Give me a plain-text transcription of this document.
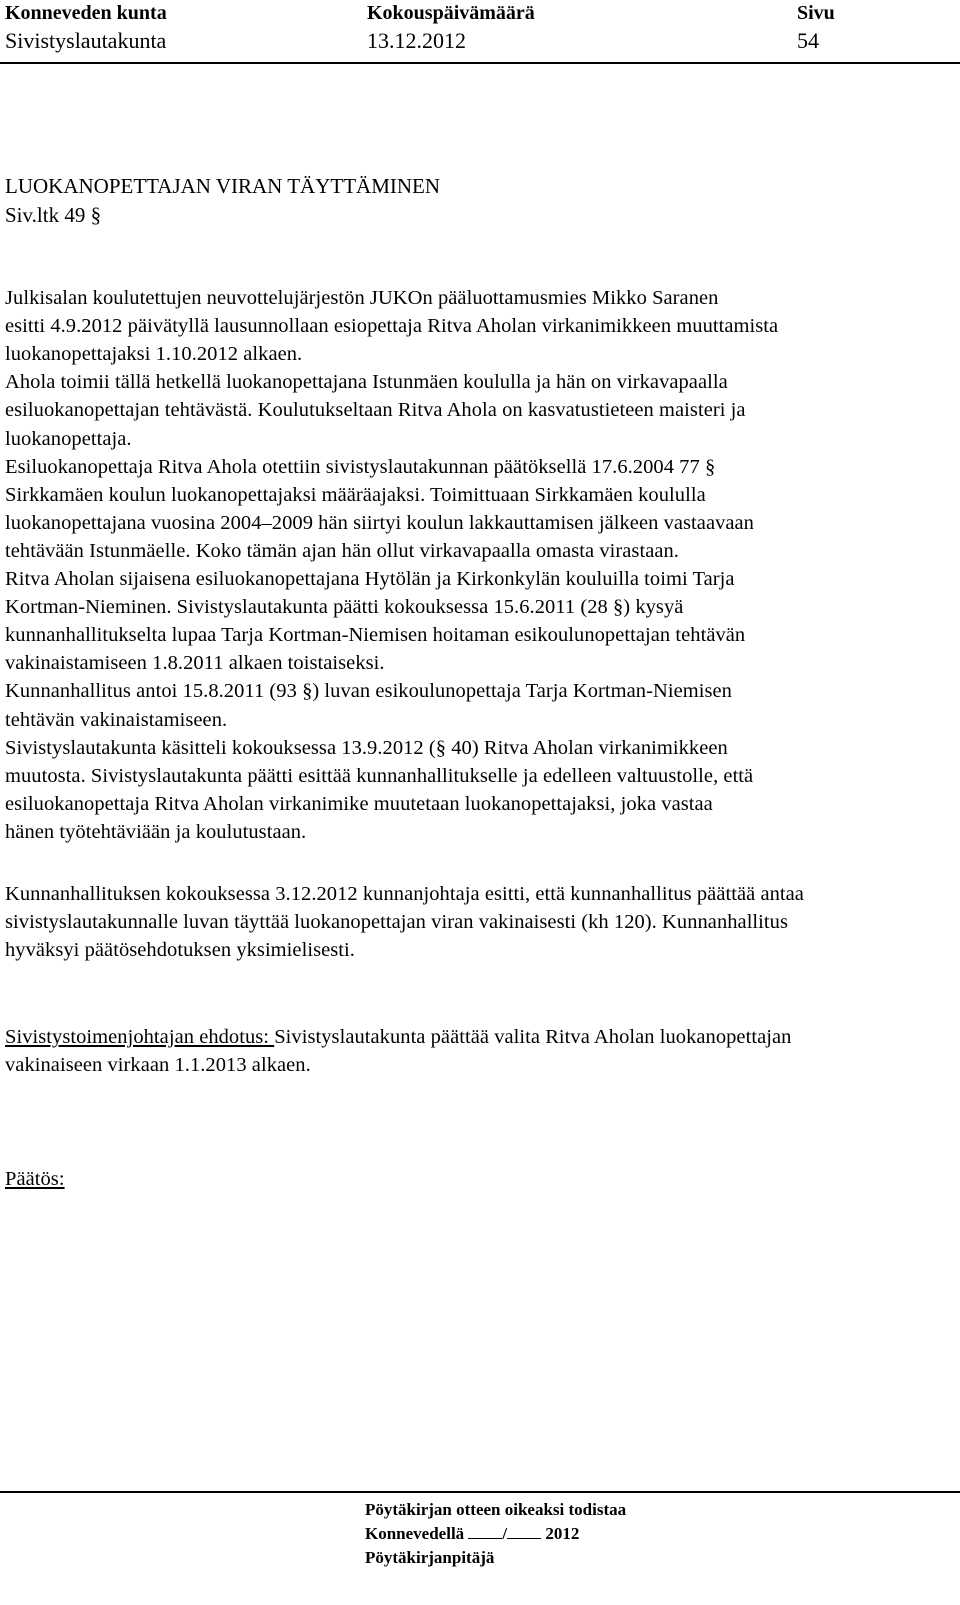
Konneveden kunta
Sivistyslautakunta
Kokouspäivämäärä
13.12.2012
Sivu
54
LUOKANOPETTAJAN VIRAN TÄYTTÄMINEN
Siv.ltk 49 §
Julkisalan koulutettujen neuvottelujärjestön JUKOn pääluottamusmies Mikko Saranen
esitti 4.9.2012 päivätyllä lausunnollaan esiopettaja Ritva Aholan virkanimikkeen muuttamista
luokanopettajaksi 1.10.2012 alkaen.
Ahola toimii tällä hetkellä luokanopettajana Istunmäen koululla ja hän on virkavapaalla
esiluokanopettajan tehtävästä. Koulutukseltaan Ritva Ahola on kasvatustieteen maisteri ja
luokanopettaja.
Esiluokanopettaja Ritva Ahola otettiin sivistyslautakunnan päätöksellä 17.6.2004 77 §
Sirkkamäen koulun luokanopettajaksi määräajaksi. Toimittuaan Sirkkamäen koululla
luokanopettajana vuosina 2004–2009 hän siirtyi koulun lakkauttamisen jälkeen vastaavaan
tehtävään Istunmäelle. Koko tämän ajan hän ollut virkavapaalla omasta virastaan.
Ritva Aholan sijaisena esiluokanopettajana Hytölän ja Kirkonkylän kouluilla toimi Tarja
Kortman-Nieminen. Sivistyslautakunta päätti kokouksessa 15.6.2011 (28 §) kysyä
kunnanhallitukselta lupaa Tarja Kortman-Niemisen hoitaman esikoulunopettajan tehtävän
vakinaistamiseen 1.8.2011 alkaen toistaiseksi.
Kunnanhallitus antoi 15.8.2011 (93 §) luvan esikoulunopettaja Tarja Kortman-Niemisen
tehtävän vakinaistamiseen.
Sivistyslautakunta käsitteli kokouksessa 13.9.2012 (§ 40) Ritva Aholan virkanimikkeen
muutosta. Sivistyslautakunta päätti esittää kunnanhallitukselle ja edelleen valtuustolle, että
esiluokanopettaja Ritva Aholan virkanimike muutetaan luokanopettajaksi, joka vastaa
hänen työtehtäviään ja koulutustaan.
Kunnanhallituksen kokouksessa 3.12.2012 kunnanjohtaja esitti, että kunnanhallitus päättää antaa
sivistyslautakunnalle luvan täyttää luokanopettajan viran vakinaisesti (kh 120). Kunnanhallitus
hyväksyi päätösehdotuksen yksimielisesti.
Sivistystoimenjohtajan ehdotus: Sivistyslautakunta päättää valita Ritva Aholan luokanopettajan
vakinaiseen virkaan 1.1.2013 alkaen.
Päätös:
Pöytäkirjan otteen oikeaksi todistaa
Konnevedellä / 2012
Pöytäkirjanpitäjä
